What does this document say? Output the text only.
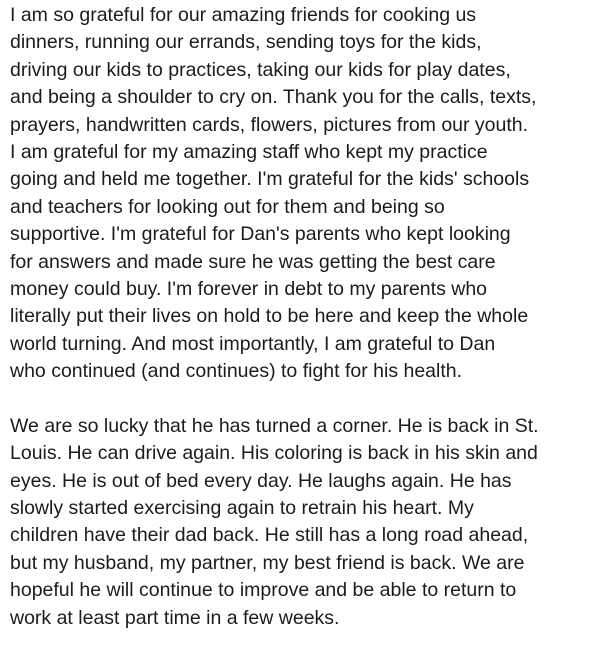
I am so grateful for our amazing friends for cooking us
dinners, running our errands, sending toys for the kids,
driving our kids to practices, taking our kids for play dates,
and being a shoulder to cry on. Thank you for the calls, texts,
prayers, handwritten cards, flowers, pictures from our youth.
I am grateful for my amazing staff who kept my practice
going and held me together. I'm grateful for the kids' schools
and teachers for looking out for them and being so
supportive. I'm grateful for Dan's parents who kept looking
for answers and made sure he was getting the best care
money could buy. I'm forever in debt to my parents who
literally put their lives on hold to be here and keep the whole
world turning. And most importantly, I am grateful to Dan
who continued (and continues) to fight for his health.
We are so lucky that he has turned a corner. He is back in St.
Louis. He can drive again. His coloring is back in his skin and
eyes. He is out of bed every day. He laughs again. He has
slowly started exercising again to retrain his heart. My
children have their dad back. He still has a long road ahead,
but my husband, my partner, my best friend is back. We are
hopeful he will continue to improve and be able to return to
work at least part time in a few weeks.
